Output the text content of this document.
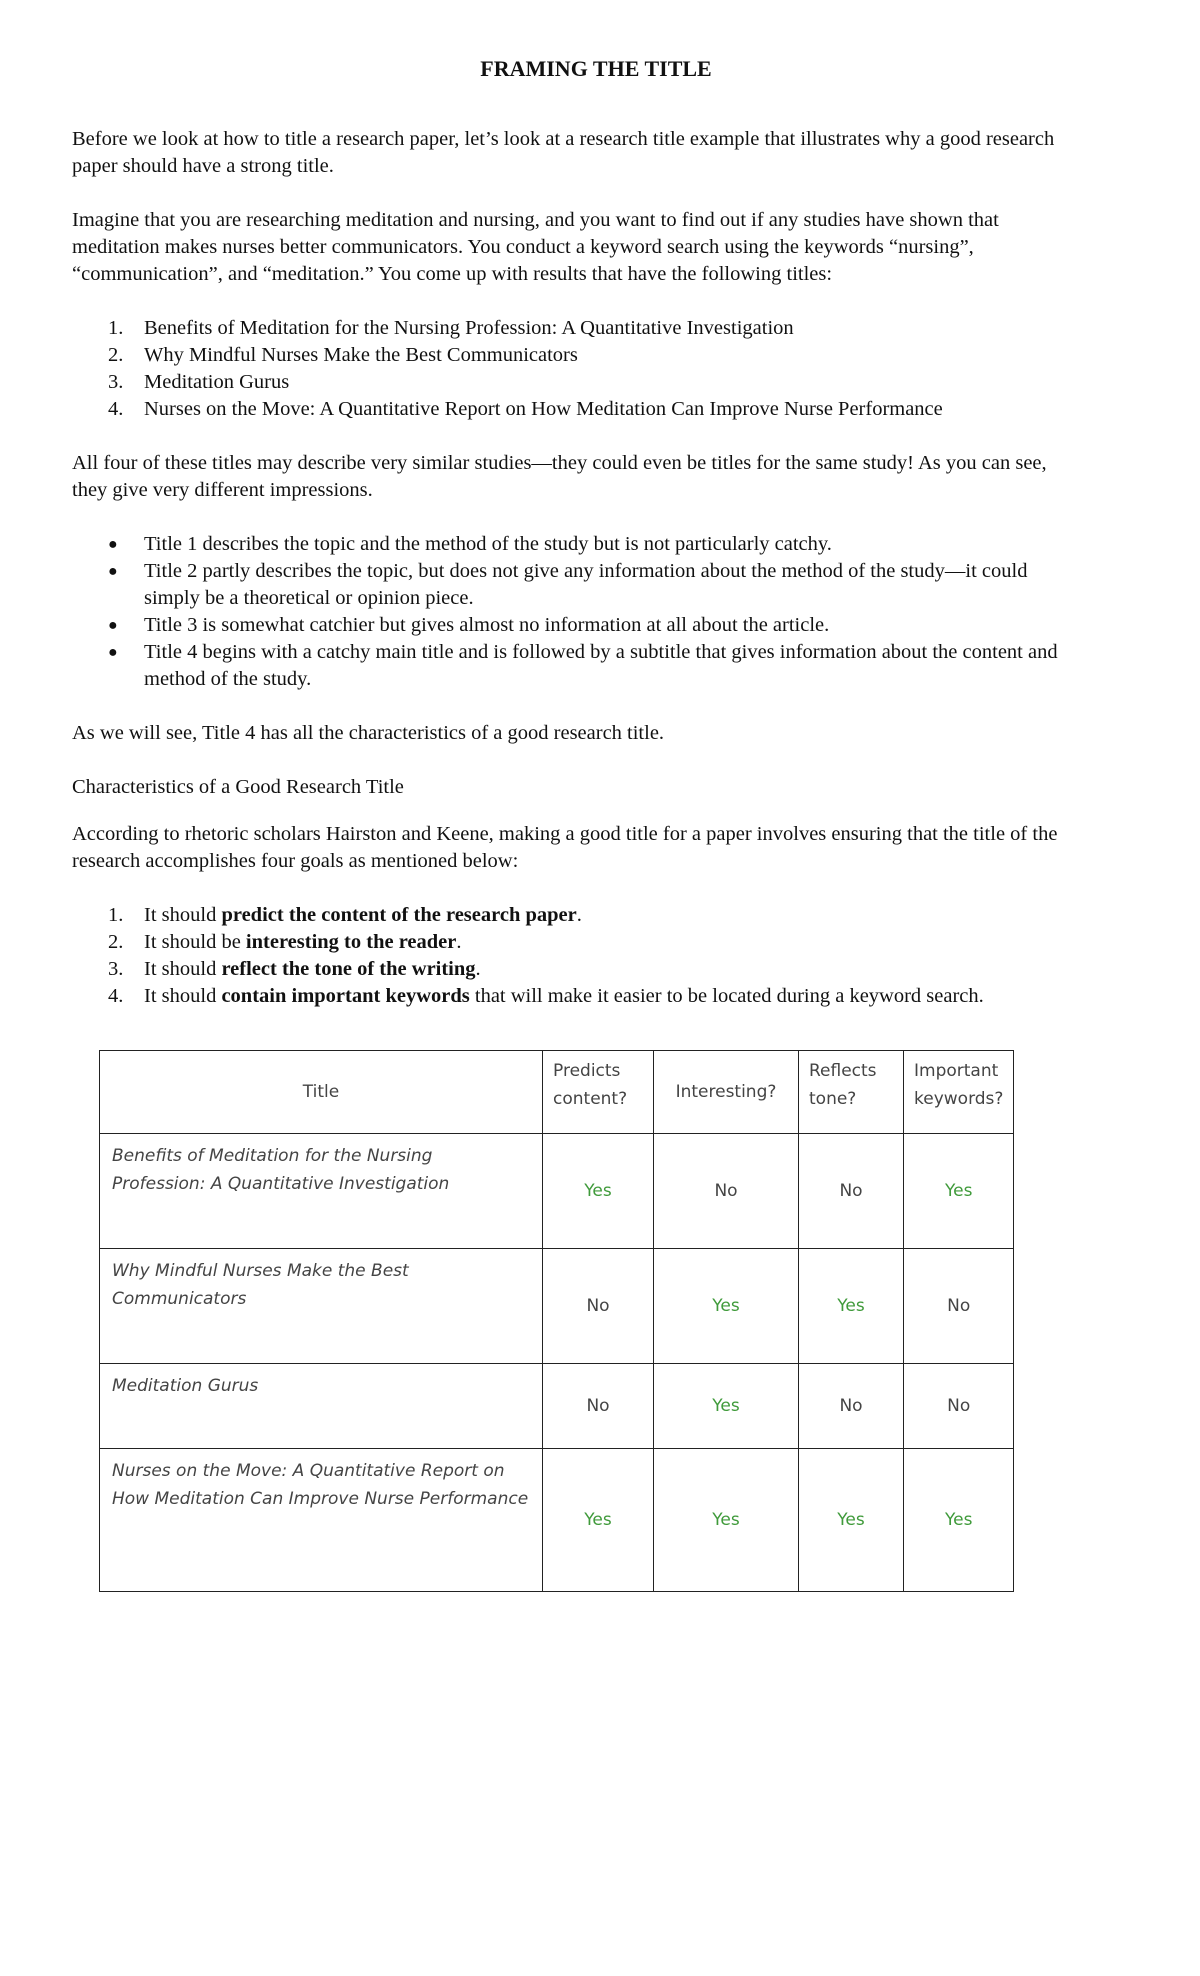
FRAMING THE TITLE

Before we look at how to title a research paper, let’s look at a research title example that illustrates why a good research paper should have a strong title.

Imagine that you are researching meditation and nursing, and you want to find out if any studies have shown that meditation makes nurses better communicators. You conduct a keyword search using the keywords “nursing”, “communication”, and “meditation.” You come up with results that have the following titles:

1.	Benefits of Meditation for the Nursing Profession: A Quantitative Investigation
2.	Why Mindful Nurses Make the Best Communicators
3.	Meditation Gurus
4.	Nurses on the Move: A Quantitative Report on How Meditation Can Improve Nurse Performance

All four of these titles may describe very similar studies—they could even be titles for the same study! As you can see, they give very different impressions.

●	Title 1 describes the topic and the method of the study but is not particularly catchy.
●	Title 2 partly describes the topic, but does not give any information about the method of the study—it could simply be a theoretical or opinion piece.
●	Title 3 is somewhat catchier but gives almost no information at all about the article.
●	Title 4 begins with a catchy main title and is followed by a subtitle that gives information about the content and method of the study.

As we will see, Title 4 has all the characteristics of a good research title.

Characteristics of a Good Research Title

According to rhetoric scholars Hairston and Keene, making a good title for a paper involves ensuring that the title of the research accomplishes four goals as mentioned below:

1.	It should predict the content of the research paper.
2.	It should be interesting to the reader.
3.	It should reflect the tone of the writing.
4.	It should contain important keywords that will make it easier to be located during a keyword search.
Title	Predicts content?	Interesting?	Reflects tone?	Important keywords?
Benefits of Meditation for the Nursing Profession: A Quantitative Investigation	Yes	No	No	Yes
Why Mindful Nurses Make the Best Communicators	No	Yes	Yes	No
Meditation Gurus	No	Yes	No	No
Nurses on the Move: A Quantitative Report on How Meditation Can Improve Nurse Performance	Yes	Yes	Yes	Yes
